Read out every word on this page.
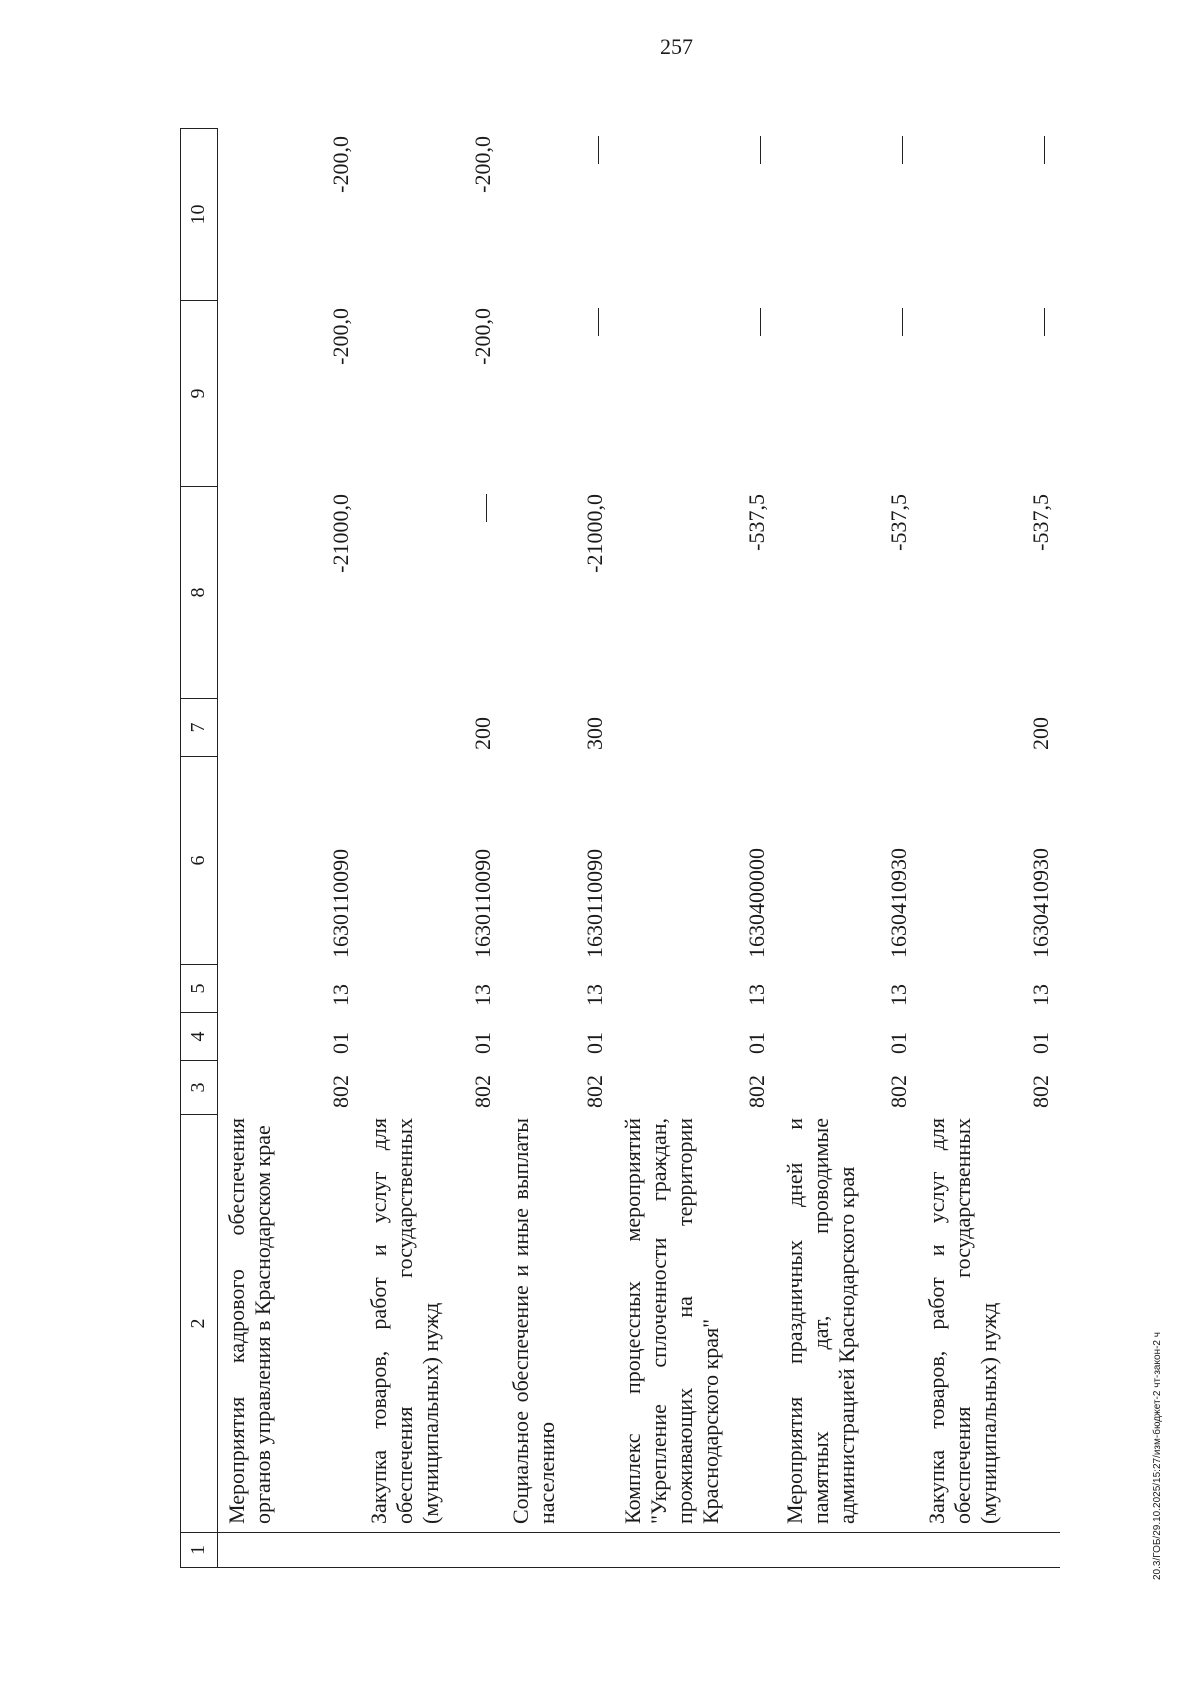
257
20.3/ГОБ/29.10.2025/15:27/изм-бюджет-2 чт-закон-2 ч
1
2
3
4
5
6
7
8
9
10
Мероприятия кадрового обеспечения органов управления в Краснодарском крае
802
01
13
1630110090
-21000,0
-200,0
-200,0
Закупка товаров, работ и услуг для обеспечения государственных (муниципальных) нужд
802
01
13
1630110090
200
-200,0
-200,0
Социальное обеспечение и иные выплаты населению
802
01
13
1630110090
300
-21000,0
Комплекс процессных мероприятий "Укрепление сплоченности граждан, проживающих на территории Краснодарского края"
802
01
13
1630400000
-537,5
Мероприятия праздничных дней и памятных дат, проводимые администрацией Краснодарского края
802
01
13
1630410930
-537,5
Закупка товаров, работ и услуг для обеспечения государственных (муниципальных) нужд
802
01
13
1630410930
200
-537,5
